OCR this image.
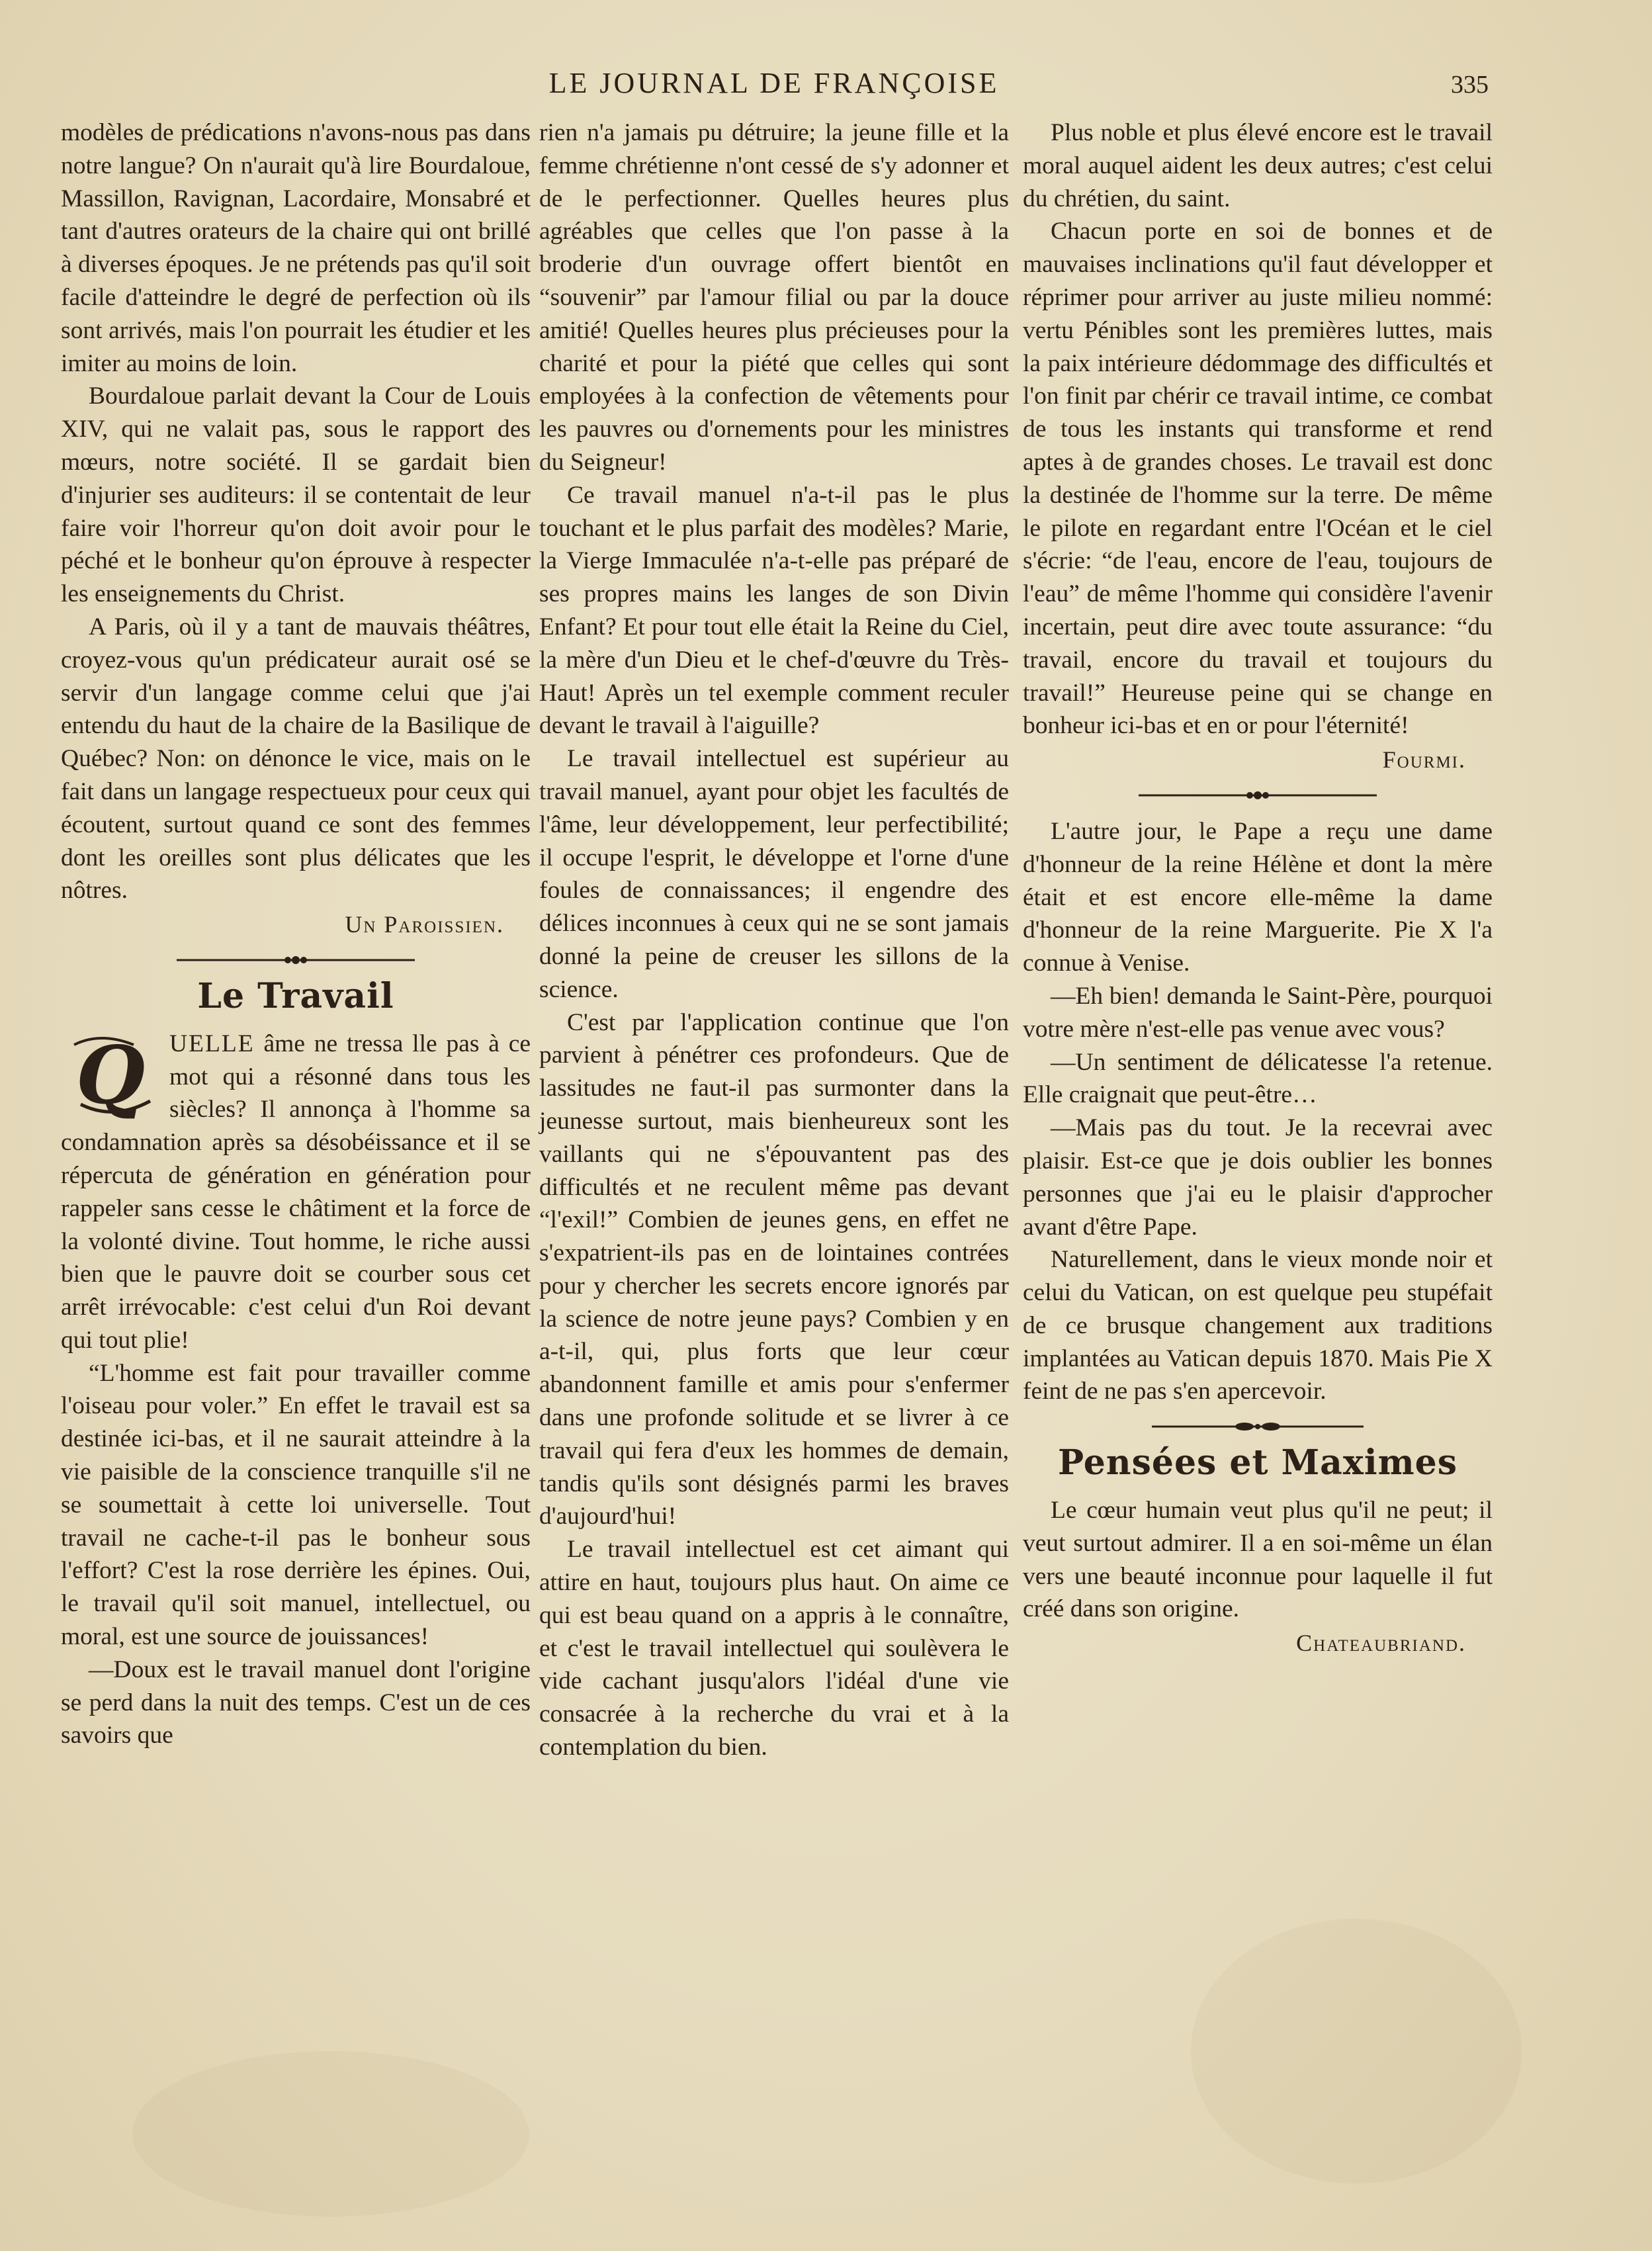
LE JOURNAL DE FRANÇOISE	335

modèles de prédications n'avons-nous pas dans notre langue? On n'aurait qu'à lire Bourdaloue, Massillon, Ravignan, Lacordaire, Monsabré et tant d'autres orateurs de la chaire qui ont brillé à diverses époques. Je ne prétends pas qu'il soit facile d'atteindre le degré de perfection où ils sont arrivés, mais l'on pourrait les étudier et les imiter au moins de loin.

Bourdaloue parlait devant la Cour de Louis XIV, qui ne valait pas, sous le rapport des mœurs, notre société. Il se gardait bien d'injurier ses auditeurs: il se contentait de leur faire voir l'horreur qu'on doit avoir pour le péché et le bonheur qu'on éprouve à respecter les enseignements du Christ.

A Paris, où il y a tant de mauvais théâtres, croyez-vous qu'un prédicateur aurait osé se servir d'un langage comme celui que j'ai entendu du haut de la chaire de la Basilique de Québec? Non: on dénonce le vice, mais on le fait dans un langage respectueux pour ceux qui écoutent, surtout quand ce sont des femmes dont les oreilles sont plus délicates que les nôtres.

Un Paroissien.
Le Travail

Q UELLE âme ne tressa lle pas à ce mot qui a résonné dans tous les siècles? Il annonça à l'homme sa condamnation après sa désobéissance et il se répercuta de génération en génération pour rappeler sans cesse le châtiment et la force de la volonté divine. Tout homme, le riche aussi bien que le pauvre doit se courber sous cet arrêt irrévocable: c'est celui d'un Roi devant qui tout plie!

“L'homme est fait pour travailler comme l'oiseau pour voler.” En effet le travail est sa destinée ici-bas, et il ne saurait atteindre à la vie paisible de la conscience tranquille s'il ne se soumettait à cette loi universelle. Tout travail ne cache-t-il pas le bonheur sous l'effort? C'est la rose derrière les épines. Oui, le travail qu'il soit manuel, intellectuel, ou moral, est une source de jouissances!

—Doux est le travail manuel dont l'origine se perd dans la nuit des temps. C'est un de ces savoirs que

rien n'a jamais pu détruire; la jeune fille et la femme chrétienne n'ont cessé de s'y adonner et de le perfectionner. Quelles heures plus agréables que celles que l'on passe à la broderie d'un ouvrage offert bientôt en “souvenir” par l'amour filial ou par la douce amitié! Quelles heures plus précieuses pour la charité et pour la piété que celles qui sont employées à la confection de vêtements pour les pauvres ou d'ornements pour les ministres du Seigneur!

Ce travail manuel n'a-t-il pas le plus touchant et le plus parfait des modèles? Marie, la Vierge Immaculée n'a-t-elle pas préparé de ses propres mains les langes de son Divin Enfant? Et pour tout elle était la Reine du Ciel, la mère d'un Dieu et le chef-d'œuvre du Très-Haut! Après un tel exemple comment reculer devant le travail à l'aiguille?

Le travail intellectuel est supérieur au travail manuel, ayant pour objet les facultés de l'âme, leur développement, leur perfectibilité; il occupe l'esprit, le développe et l'orne d'une foules de connaissances; il engendre des délices inconnues à ceux qui ne se sont jamais donné la peine de creuser les sillons de la science.

C'est par l'application continue que l'on parvient à pénétrer ces profondeurs. Que de lassitudes ne faut-il pas surmonter dans la jeunesse surtout, mais bienheureux sont les vaillants qui ne s'épouvantent pas des difficultés et ne reculent même pas devant “l'exil!” Combien de jeunes gens, en effet ne s'expatrient-ils pas en de lointaines contrées pour y chercher les secrets encore ignorés par la science de notre jeune pays? Combien y en a-t-il, qui, plus forts que leur cœur abandonnent famille et amis pour s'enfermer dans une profonde solitude et se livrer à ce travail qui fera d'eux les hommes de demain, tandis qu'ils sont désignés parmi les braves d'aujourd'hui!

Le travail intellectuel est cet aimant qui attire en haut, toujours plus haut. On aime ce qui est beau quand on a appris à le connaître, et c'est le travail intellectuel qui soulèvera le vide cachant jusqu'alors l'idéal d'une vie consacrée à la recherche du vrai et à la contemplation du bien.

Plus noble et plus élevé encore est le travail moral auquel aident les deux autres; c'est celui du chrétien, du saint.

Chacun porte en soi de bonnes et de mauvaises inclinations qu'il faut développer et réprimer pour arriver au juste milieu nommé: vertu Pénibles sont les premières luttes, mais la paix intérieure dédommage des difficultés et l'on finit par chérir ce travail intime, ce combat de tous les instants qui transforme et rend aptes à de grandes choses. Le travail est donc la destinée de l'homme sur la terre. De même le pilote en regardant entre l'Océan et le ciel s'écrie: “de l'eau, encore de l'eau, toujours de l'eau” de même l'homme qui considère l'avenir incertain, peut dire avec toute assurance: “du travail, encore du travail et toujours du travail!” Heureuse peine qui se change en bonheur ici-bas et en or pour l'éternité!

Fourmi.

L'autre jour, le Pape a reçu une dame d'honneur de la reine Hélène et dont la mère était et est encore elle-même la dame d'honneur de la reine Marguerite. Pie X l'a connue à Venise.

—Eh bien! demanda le Saint-Père, pourquoi votre mère n'est-elle pas venue avec vous?

—Un sentiment de délicatesse l'a retenue. Elle craignait que peut-être…

—Mais pas du tout. Je la recevrai avec plaisir. Est-ce que je dois oublier les bonnes personnes que j'ai eu le plaisir d'approcher avant d'être Pape.

Naturellement, dans le vieux monde noir et celui du Vatican, on est quelque peu stupéfait de ce brusque changement aux traditions implantées au Vatican depuis 1870. Mais Pie X feint de ne pas s'en apercevoir.

Pensées et Maximes

Le cœur humain veut plus qu'il ne peut; il veut surtout admirer. Il a en soi-même un élan vers une beauté inconnue pour laquelle il fut créé dans son origine.

Chateaubriand.
